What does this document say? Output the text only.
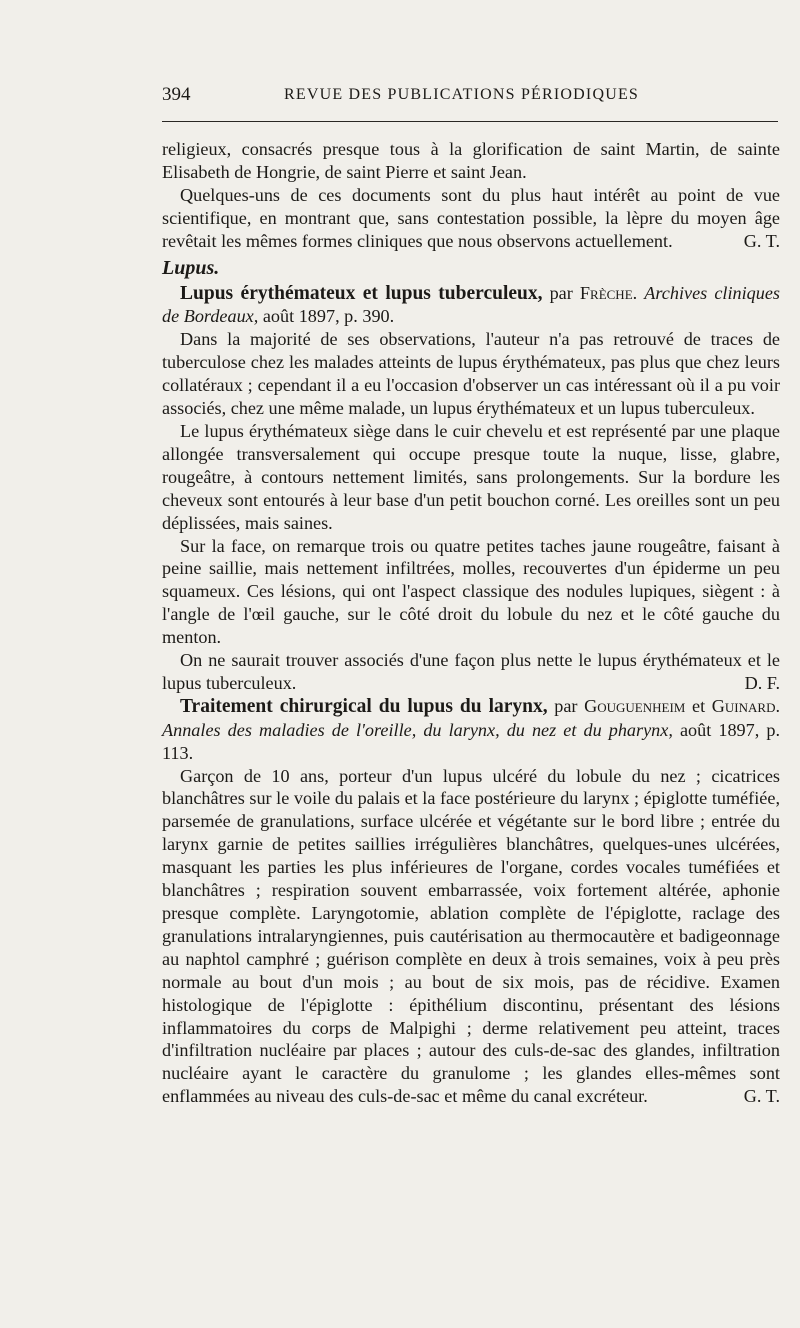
394	REVUE DES PUBLICATIONS PÉRIODIQUES

religieux, consacrés presque tous à la glorification de saint Martin, de sainte Elisabeth de Hongrie, de saint Pierre et saint Jean.

Quelques-uns de ces documents sont du plus haut intérêt au point de vue scientifique, en montrant que, sans contestation possible, la lèpre du moyen âge revêtait les mêmes formes cliniques que nous observons actuellement.	G. T.

Lupus.

Lupus érythémateux et lupus tuberculeux, par Frèche. Archives cliniques de Bordeaux, août 1897, p. 390.

Dans la majorité de ses observations, l'auteur n'a pas retrouvé de traces de tuberculose chez les malades atteints de lupus érythémateux, pas plus que chez leurs collatéraux ; cependant il a eu l'occasion d'observer un cas intéressant où il a pu voir associés, chez une même malade, un lupus érythémateux et un lupus tuberculeux.

Le lupus érythémateux siège dans le cuir chevelu et est représenté par une plaque allongée transversalement qui occupe presque toute la nuque, lisse, glabre, rougeâtre, à contours nettement limités, sans prolongements. Sur la bordure les cheveux sont entourés à leur base d'un petit bouchon corné. Les oreilles sont un peu déplissées, mais saines.

Sur la face, on remarque trois ou quatre petites taches jaune rougeâtre, faisant à peine saillie, mais nettement infiltrées, molles, recouvertes d'un épiderme un peu squameux. Ces lésions, qui ont l'aspect classique des nodules lupiques, siègent : à l'angle de l'œil gauche, sur le côté droit du lobule du nez et le côté gauche du menton.

On ne saurait trouver associés d'une façon plus nette le lupus érythémateux et le lupus tuberculeux.	D. F.

Traitement chirurgical du lupus du larynx, par Gouguenheim et Guinard. Annales des maladies de l'oreille, du larynx, du nez et du pharynx, août 1897, p. 113.

Garçon de 10 ans, porteur d'un lupus ulcéré du lobule du nez ; cicatrices blanchâtres sur le voile du palais et la face postérieure du larynx ; épiglotte tuméfiée, parsemée de granulations, surface ulcérée et végétante sur le bord libre ; entrée du larynx garnie de petites saillies irrégulières blanchâtres, quelques-unes ulcérées, masquant les parties les plus inférieures de l'organe, cordes vocales tuméfiées et blanchâtres ; respiration souvent embarrassée, voix fortement altérée, aphonie presque complète. Laryngotomie, ablation complète de l'épiglotte, raclage des granulations intralaryngiennes, puis cautérisation au thermocautère et badigeonnage au naphtol camphré ; guérison complète en deux à trois semaines, voix à peu près normale au bout d'un mois ; au bout de six mois, pas de récidive. Examen histologique de l'épiglotte : épithélium discontinu, présentant des lésions inflammatoires du corps de Malpighi ; derme relativement peu atteint, traces d'infiltration nucléaire par places ; autour des culs-de-sac des glandes, infiltration nucléaire ayant le caractère du granulome ; les glandes elles-mêmes sont enflammées au niveau des culs-de-sac et même du canal excréteur.	G. T.
